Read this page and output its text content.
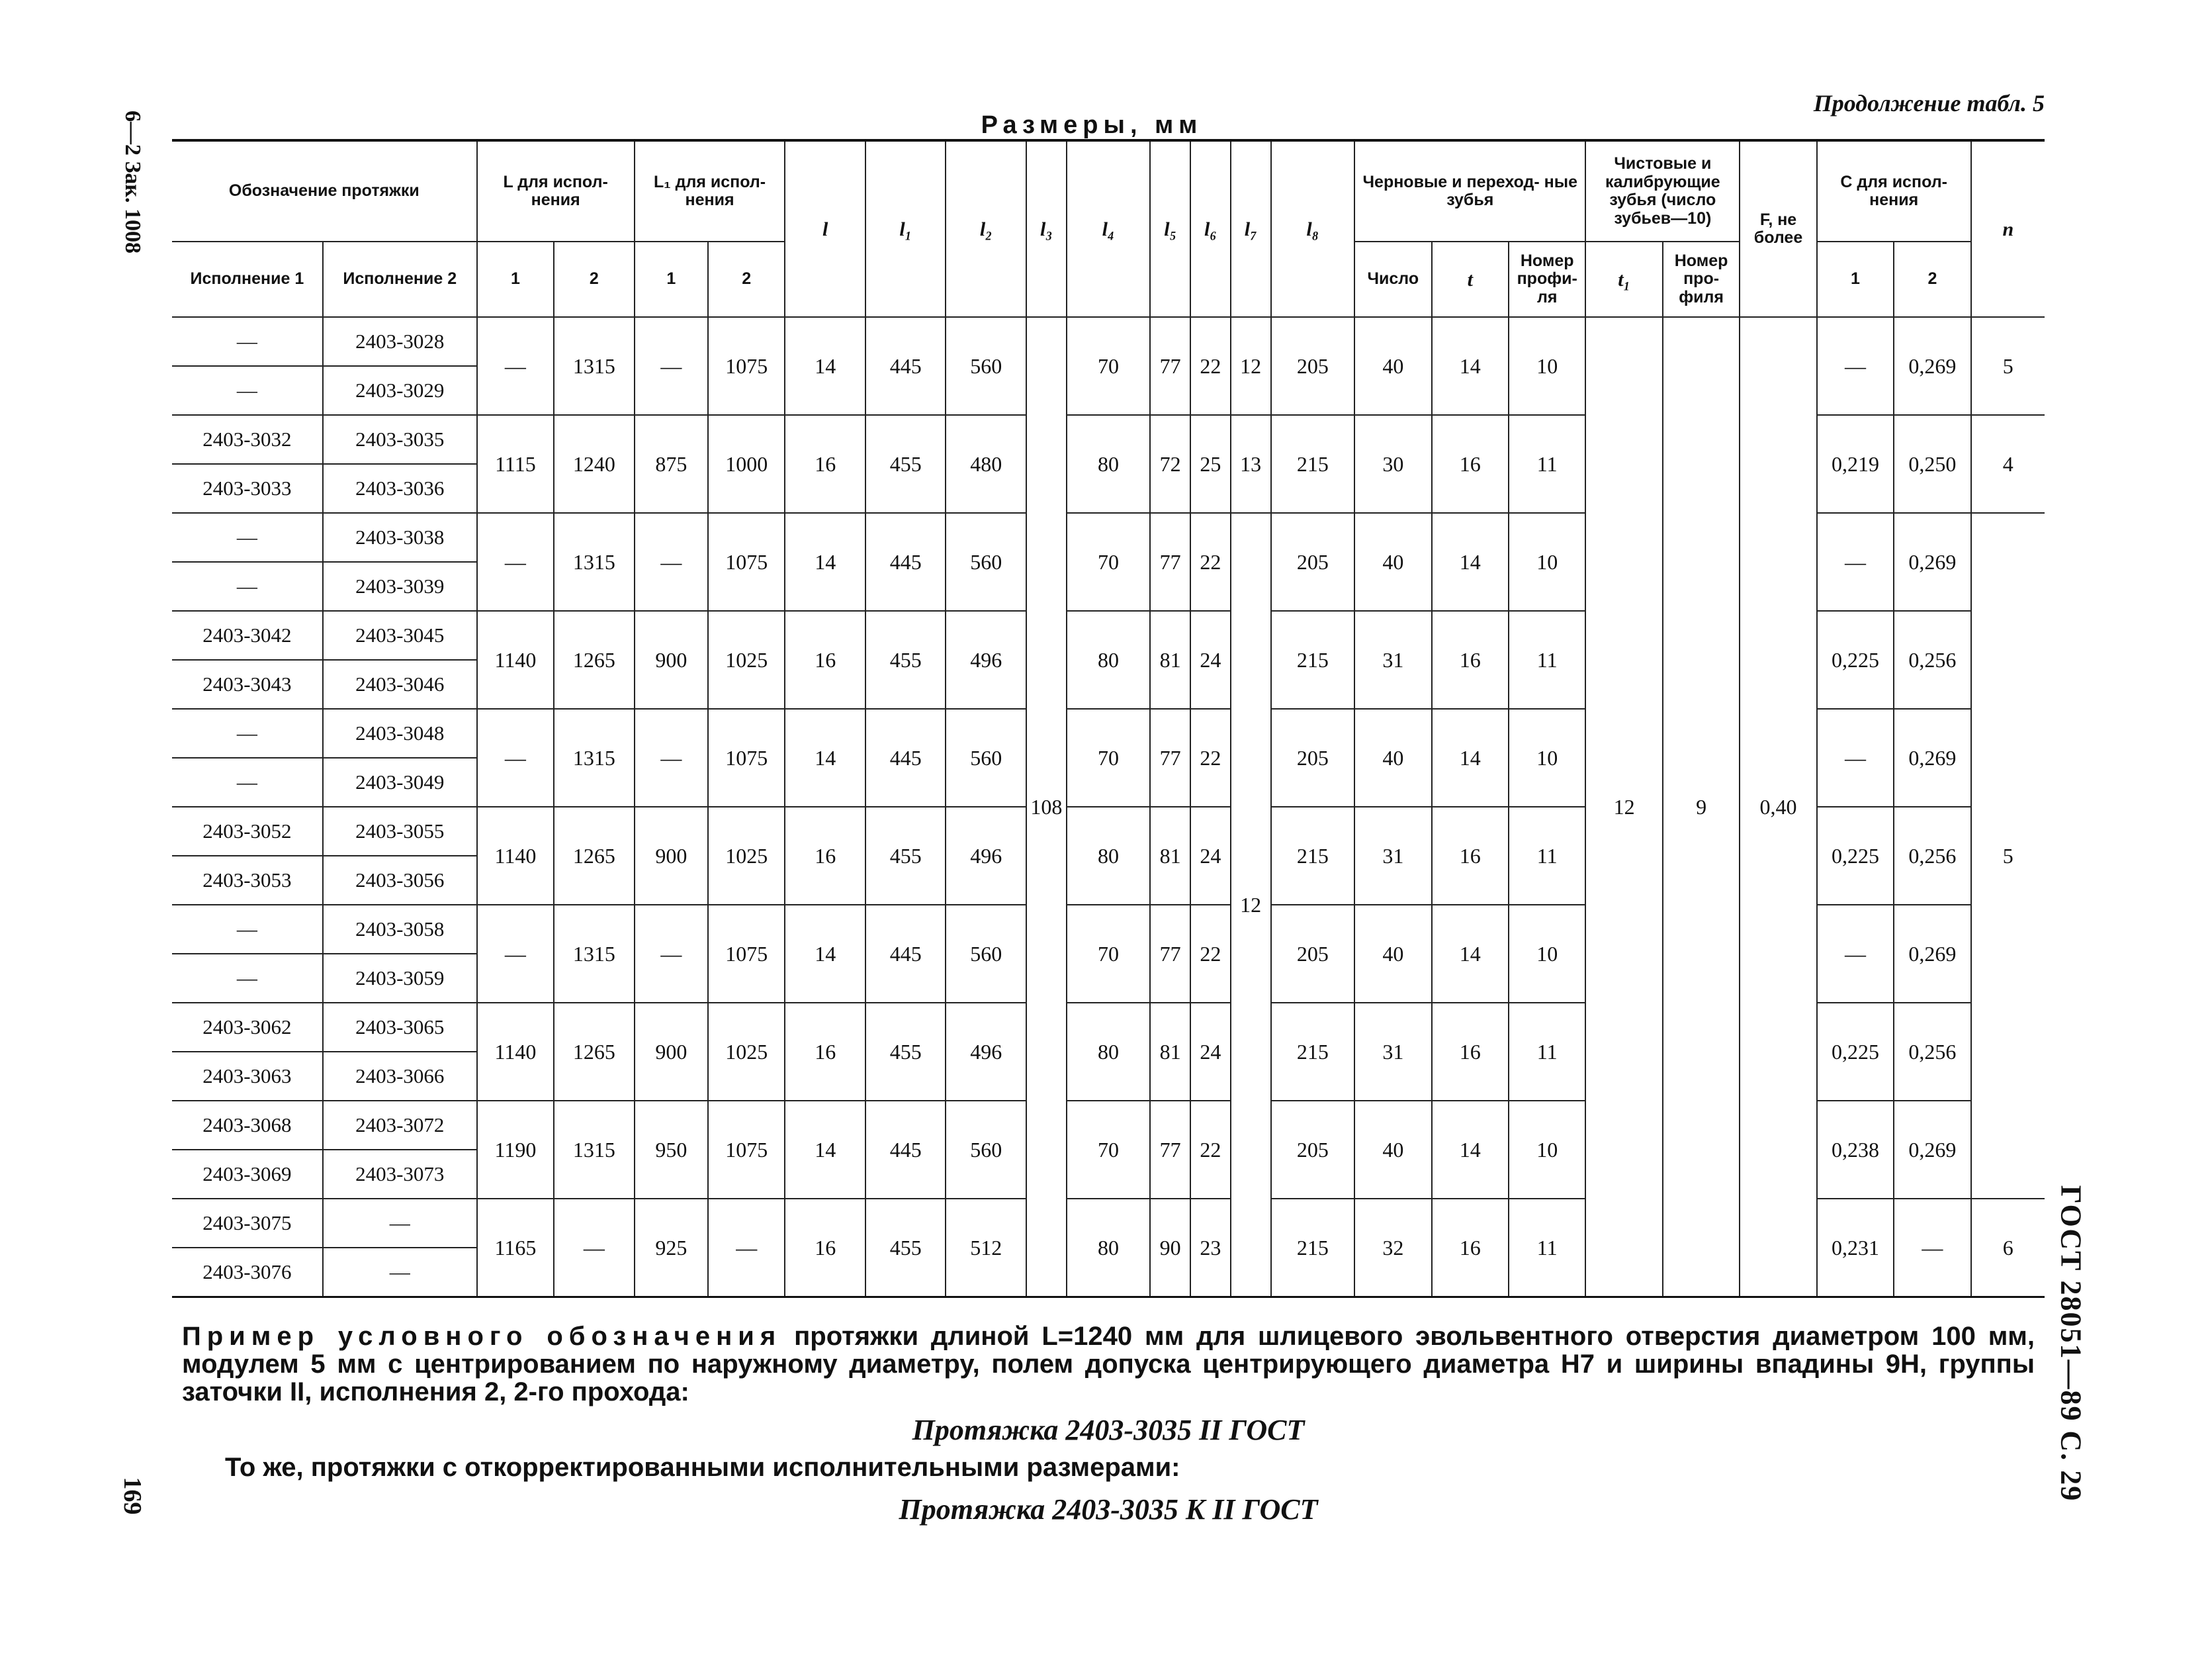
6—2 Зак. 1008
169	ГОСТ 28051—89 С. 29
Продолжение табл. 5
Размеры, мм
Обозначение протяжки		L для испол- нения		L₁ для испол- нения		l	l₁	l₂	l₃	l₄	l₅	l₆	l₇	l₈	Черновые и переход- ные зубья			Чистовые и калибрующие зубья (число зубьев—10)		F, не более	C для испол- нения		n
Исполнение 1	Исполнение 2	1	2	1	2										Число	t	Номер профи- ля	t₁	Номер про- филя		1	2	
—	2403-3028	—	1315	—	1075	14	445	560	108	70	77	22	12	205	40	14	10	12	9	0,40	—	0,269	5
—	2403-3029																						
2403-3032	2403-3035	1115	1240	875	1000	16	455	480		80	72	25	13	215	30	16	11				0,219	0,250	4
2403-3033	2403-3036																						
—	2403-3038	—	1315	—	1075	14	445	560		70	77	22	12	205	40	14	10				—	0,269	5
—	2403-3039																						
2403-3042	2403-3045	1140	1265	900	1025	16	455	496		80	81	24		215	31	16	11				0,225	0,256	
2403-3043	2403-3046																						
—	2403-3048	—	1315	—	1075	14	445	560		70	77	22		205	40	14	10				—	0,269	
—	2403-3049																						
2403-3052	2403-3055	1140	1265	900	1025	16	455	496		80	81	24		215	31	16	11				0,225	0,256	
2403-3053	2403-3056																						
—	2403-3058	—	1315	—	1075	14	445	560		70	77	22		205	40	14	10				—	0,269	
—	2403-3059																						
2403-3062	2403-3065	1140	1265	900	1025	16	455	496		80	81	24		215	31	16	11				0,225	0,256	
2403-3063	2403-3066																						
2403-3068	2403-3072	1190	1315	950	1075	14	445	560		70	77	22		205	40	14	10				0,238	0,269	
2403-3069	2403-3073																						
2403-3075	—	1165	—	925	—	16	455	512		80	90	23		215	32	16	11				0,231	—	6
2403-3076	—																						
Пример условного обозначения протяжки длиной L=1240 мм для шлицевого эвольвентного отверстия диаметром 100 мм, модулем 5 мм с центрированием по наружному диаметру, полем допуска центрирующего диаметра H7 и ширины впадины 9H, группы заточки II, исполнения 2, 2-го прохода:
Протяжка 2403-3035 II ГОСТ
То же, протяжки с откорректированными исполнительными размерами:
Протяжка 2403-3035 K II ГОСТ
